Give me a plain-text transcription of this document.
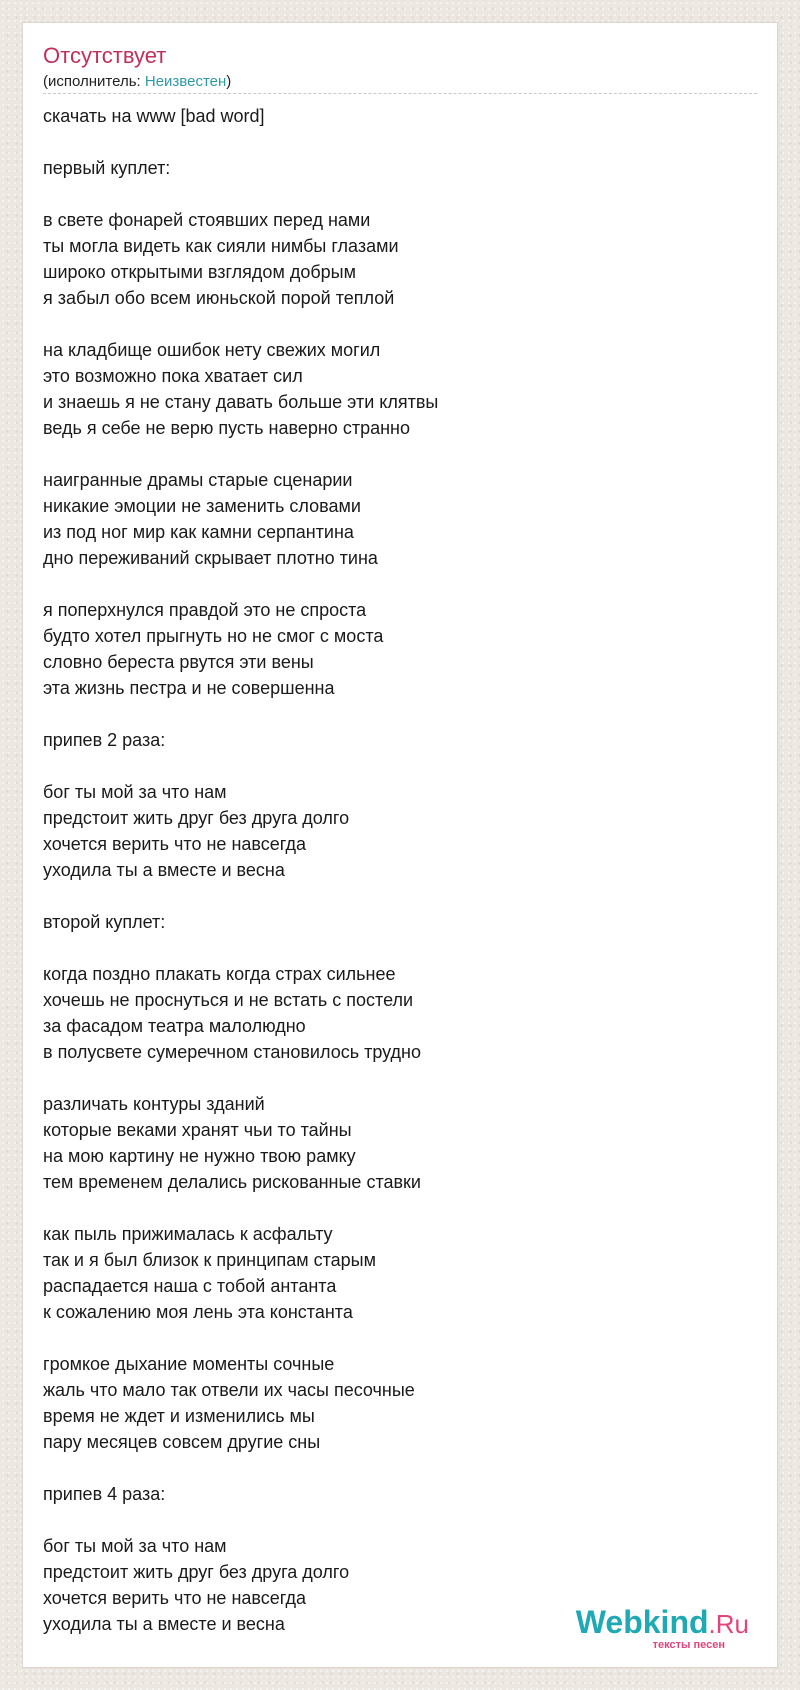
Отсутствует
(исполнитель: Неизвестен)
скачать на www [bad word]
первый куплет:
в свете фонарей стоявших перед нами
ты могла видеть как сияли нимбы глазами
широко открытыми взглядом добрым
я забыл обо всем июньской порой теплой
на кладбище ошибок нету свежих могил
это возможно пока хватает сил
и знаешь я не стану давать больше эти клятвы
ведь я себе не верю пусть наверно странно
наигранные драмы старые сценарии
никакие эмоции не заменить словами
из под ног мир как камни серпантина
дно переживаний скрывает плотно тина
я поперхнулся правдой это не спроста
будто хотел прыгнуть но не смог с моста
словно береста рвутся эти вены
эта жизнь пестра и не совершенна
припев 2 раза:
бог ты мой за что нам
предстоит жить друг без друга долго
хочется верить что не навсегда
уходила ты а вместе и весна
второй куплет:
когда поздно плакать когда страх сильнее
хочешь не проснуться и не встать с постели
за фасадом театра малолюдно
в полусвете сумеречном становилось трудно
различать контуры зданий
которые веками хранят чьи то тайны
на мою картину не нужно твою рамку
тем временем делались рискованные ставки
как пыль прижималась к асфальту
так и я был близок к принципам старым
распадается наша с тобой антанта
к сожалению моя лень эта константа
громкое дыхание моменты сочные
жаль что мало так отвели их часы песочные
время не ждет и изменились мы
пару месяцев совсем другие сны
припев 4 раза:
бог ты мой за что нам
предстоит жить друг без друга долго
хочется верить что не навсегда
уходила ты а вместе и весна	Webkind.Ru
тексты песен
